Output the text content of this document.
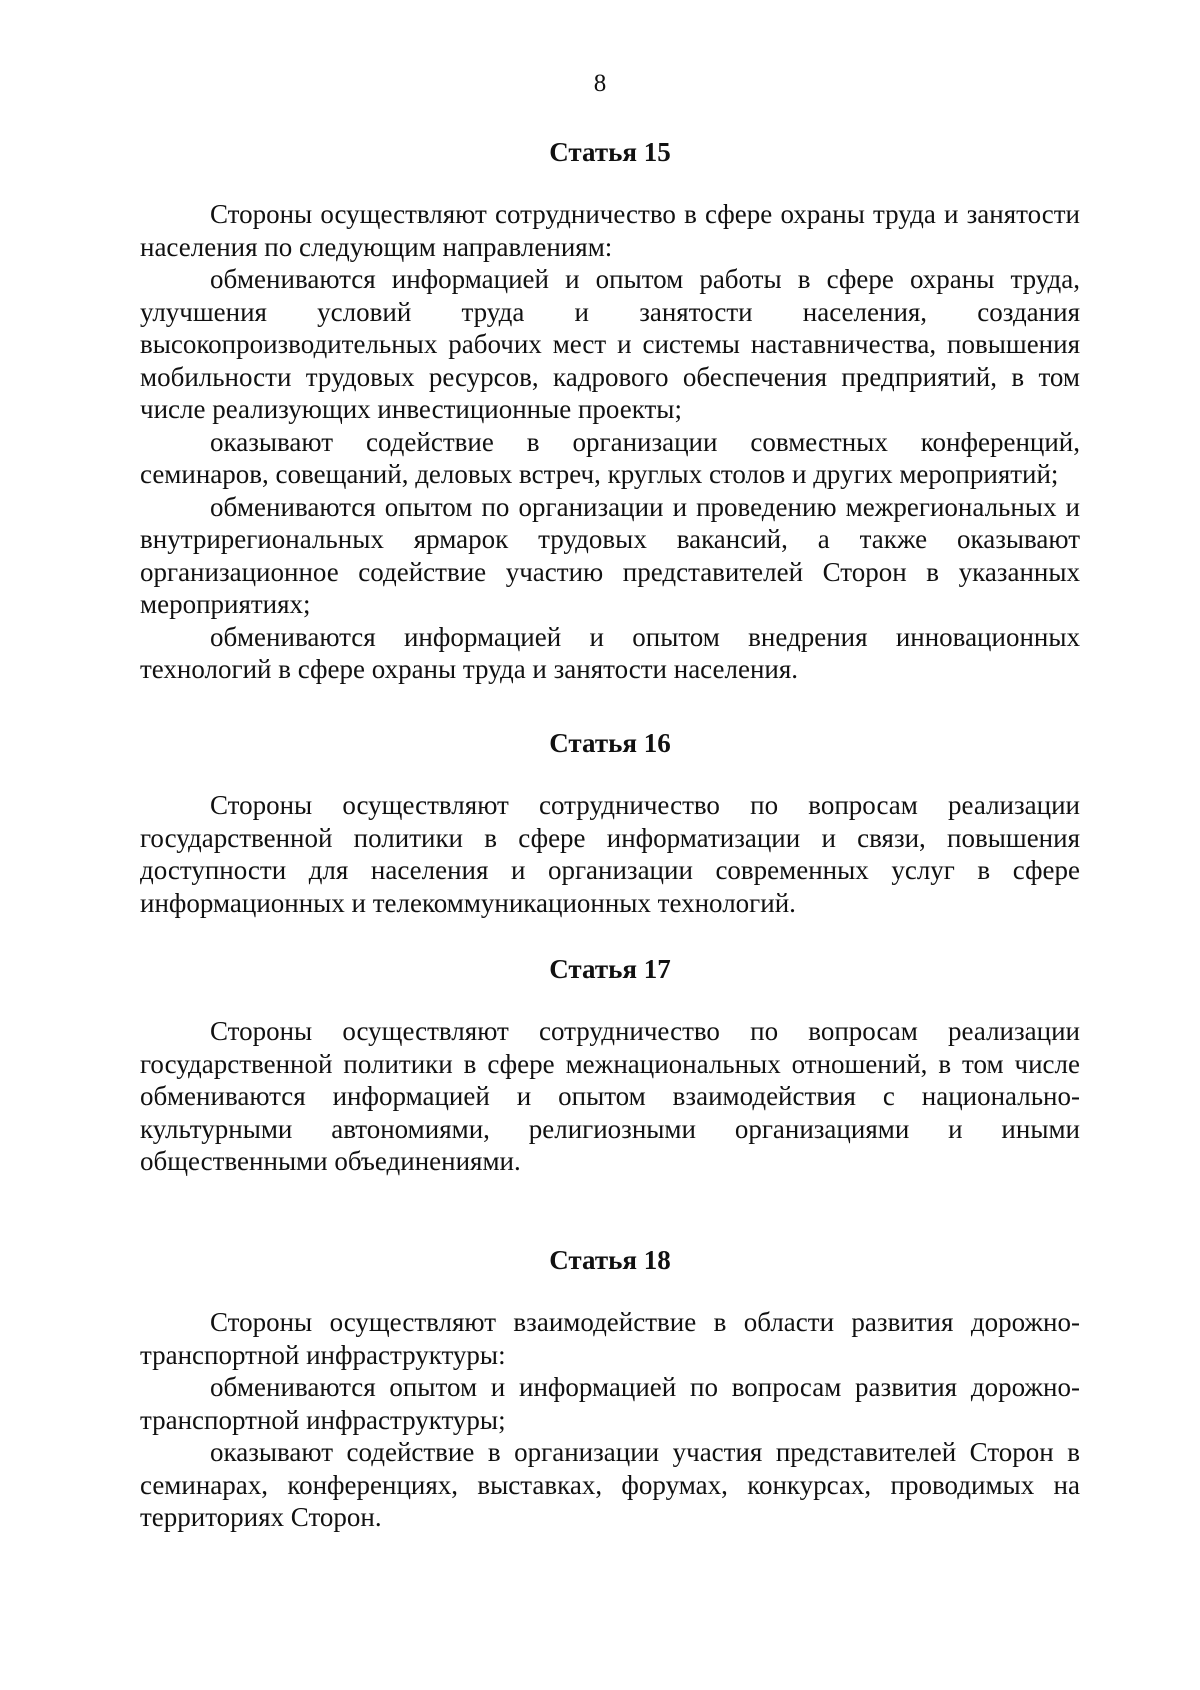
8
Статья 15

Стороны осуществляют сотрудничество в сфере охраны труда и занятости населения по следующим направлениям:

обмениваются информацией и опытом работы в сфере охраны труда, улучшения условий труда и занятости населения, создания высокопроизводительных рабочих мест и системы наставничества, повышения мобильности трудовых ресурсов, кадрового обеспечения предприятий, в том числе реализующих инвестиционные проекты;

оказывают содействие в организации совместных конференций, семинаров, совещаний, деловых встреч, круглых столов и других мероприятий;

обмениваются опытом по организации и проведению межрегиональных и внутрирегиональных ярмарок трудовых вакансий, а также оказывают организационное содействие участию представителей Сторон в указанных мероприятиях;

обмениваются информацией и опытом внедрения инновационных технологий в сфере охраны труда и занятости населения.

Статья 16

Стороны осуществляют сотрудничество по вопросам реализации государственной политики в сфере информатизации и связи, повышения доступности для населения и организации современных услуг в сфере информационных и телекоммуникационных технологий.

Статья 17

Стороны осуществляют сотрудничество по вопросам реализации государственной политики в сфере межнациональных отношений, в том числе обмениваются информацией и опытом взаимодействия с национально-культурными автономиями, религиозными организациями и иными общественными объединениями.

Статья 18

Стороны осуществляют взаимодействие в области развития дорожно-транспортной инфраструктуры:

обмениваются опытом и информацией по вопросам развития дорожно-транспортной инфраструктуры;

оказывают содействие в организации участия представителей Сторон в семинарах, конференциях, выставках, форумах, конкурсах, проводимых на территориях Сторон.
